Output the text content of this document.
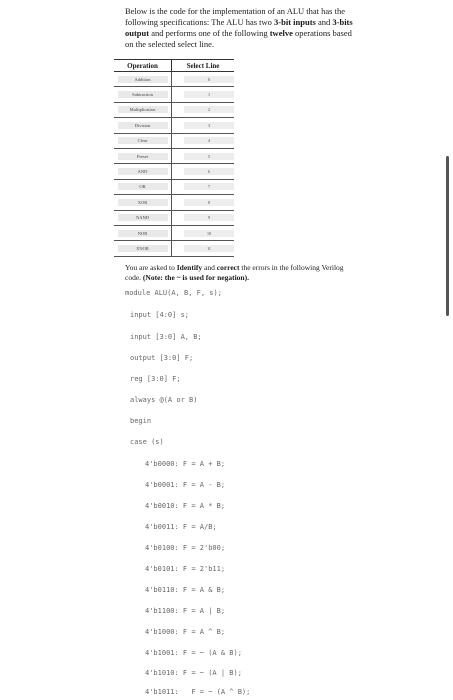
Below is the code for the implementation of an ALU that has the following specifications: The ALU has two 3-bit inputs and 3-bits output and performs one of the following twelve operations based on the selected select line.
Operation	Select Line
Addition	0
Subtraction	1
Multiplication	2
Division	3
Clear	4
Preset	5
AND	6
OR	7
XOR	8
NAND	9
NOR	10
XNOR	11
You are asked to Identify and correct the errors in the following Verilog code. (Note: the ~ is used for negation).
module ALU(A, B, F, s);
input [4:0] s;
input [3:0] A, B;
output [3:0] F;
reg [3:0] F;
always @(A or B)
begin
case (s)
4'b0000: F = A + B;
4'b0001: F = A - B;
4'b0010: F = A * B;
4'b0011: F = A/B;
4'b0100: F = 2'b00;
4'b0101: F = 2'b11;
4'b0110: F = A & B;
4'b1100: F = A | B;
4'b1000: F = A ^ B;
4'b1001: F = ~ (A & B);
4'b1010: F = ~ (A | B);
4'b1011:   F = ~ (A ^ B);
